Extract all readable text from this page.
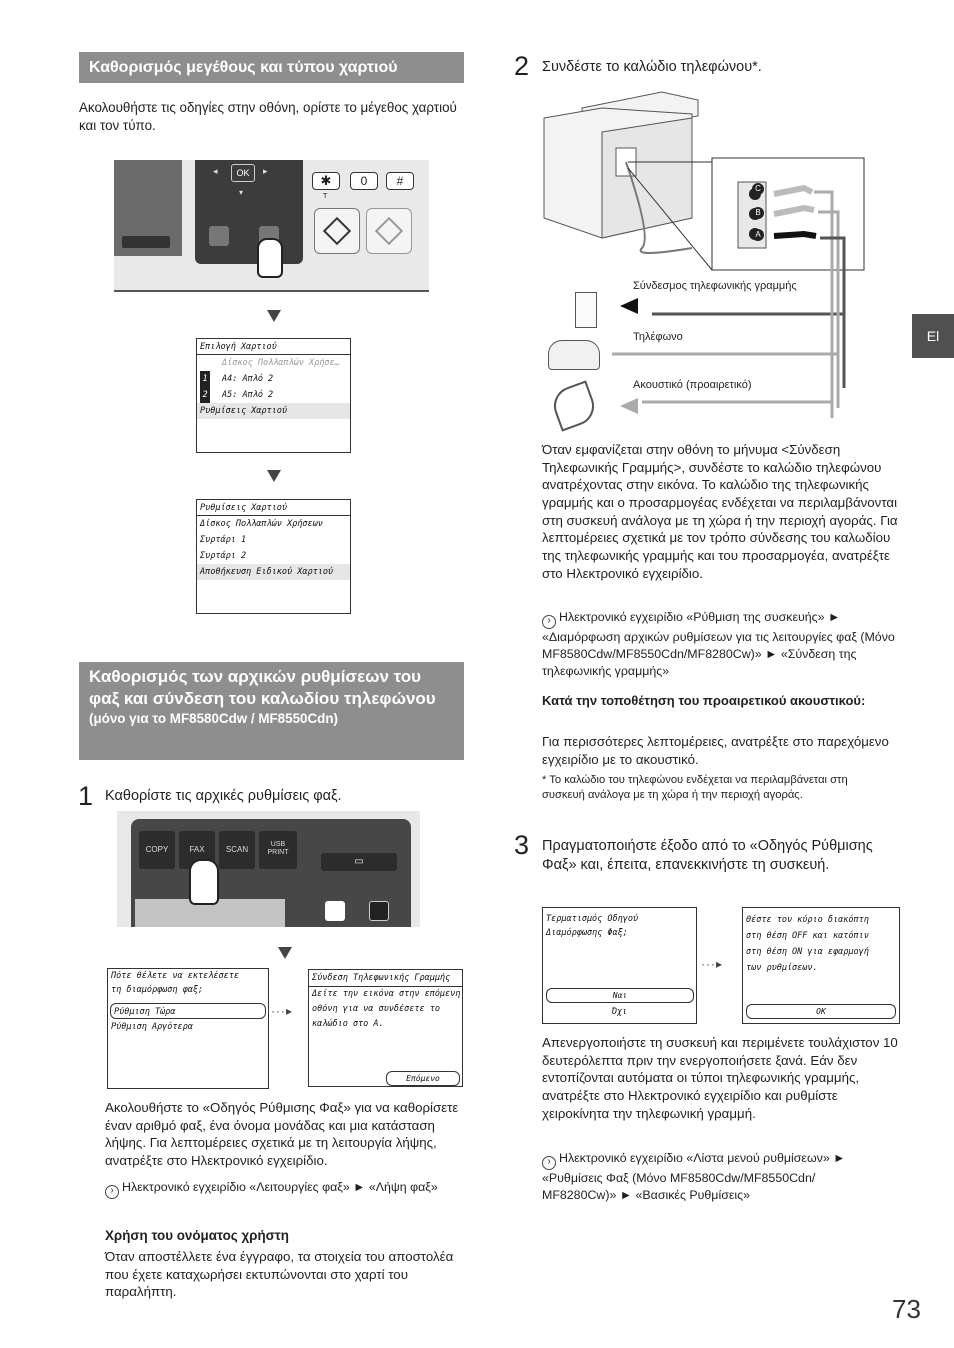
Καθορισμός μεγέθους και τύπου χαρτιού
Ακολουθήστε τις οδηγίες στην οθόνη, ορίστε το μέγεθος χαρτιού και τον τύπο.
OK
◂	▸
▾
✱	0	#
T
Επιλογή Χαρτιού
Δίσκος Πολλαπλών Χρήσε…
1 A4: Απλό 2
2 A5: Απλό 2
Ρυθμίσεις Χαρτιού
Ρυθμίσεις Χαρτιού
Δίσκος Πολλαπλών Χρήσεων
Συρτάρι 1
Συρτάρι 2
Αποθήκευση Ειδικού Χαρτιού
Καθορισμός των αρχικών ρυθμίσεων του φαξ και σύνδεση του καλωδίου τηλεφώνου
(μόνο για το MF8580Cdw / MF8550Cdn)
1 Καθορίστε τις αρχικές ρυθμίσεις φαξ.
COPY	FAX	SCAN
USB
PRINT
▭
Πότε θέλετε να εκτελέσετε
τη διαμόρφωση φαξ;
Ρύθμιση Τώρα
Ρύθμιση Αργότερα
···▸
Σύνδεση Τηλεφωνικής Γραμμής
Δείτε την εικόνα στην επόμενη
οθόνη για να συνδέσετε το
καλώδιο στο A.
Επόμενο
Ακολουθήστε το «Οδηγός Ρύθμισης Φαξ» για να καθορίσετε έναν αριθμό φαξ, ένα όνομα μονάδας και μια κατάσταση λήψης. Για λεπτομέρειες σχετικά με τη λειτουργία λήψης, ανατρέξτε στο Ηλεκτρονικό εγχειρίδιο.
› Ηλεκτρονικό εγχειρίδιο «Λειτουργίες φαξ» ► «Λήψη φαξ»
Χρήση του ονόματος χρήστη
Όταν αποστέλλετε ένα έγγραφο, τα στοιχεία του αποστολέα που έχετε καταχωρήσει εκτυπώνονται στο χαρτί του παραλήπτη.
2 Συνδέστε το καλώδιο τηλεφώνου*.
C
B
A
Σύνδεσμος τηλεφωνικής γραμμής
Τηλέφωνο
Ακουστικό (προαιρετικό)
Όταν εμφανίζεται στην οθόνη το μήνυμα <Σύνδεση Τηλεφωνικής Γραμμής>, συνδέστε το καλώδιο τηλεφώνου ανατρέχοντας στην εικόνα. Το καλώδιο της τηλεφωνικής γραμμής και ο προσαρμογέας ενδέχεται να περιλαμβάνονται στη συσκευή ανάλογα με τη χώρα ή την περιοχή αγοράς. Για λεπτομέρειες σχετικά με τον τρόπο σύνδεσης του καλωδίου της τηλεφωνικής γραμμής και του προσαρμογέα, ανατρέξτε στο Ηλεκτρονικό εγχειρίδιο.
› Ηλεκτρονικό εγχειρίδιο «Ρύθμιση της συσκευής» ► «Διαμόρφωση αρχικών ρυθμίσεων για τις λειτουργίες φαξ (Μόνο MF8580Cdw/MF8550Cdn/MF8280Cw)» ► «Σύνδεση της τηλεφωνικής γραμμής»
Κατά την τοποθέτηση του προαιρετικού ακουστικού:
Για περισσότερες λεπτομέρειες, ανατρέξτε στο παρεχόμενο εγχειρίδιο με το ακουστικό.
* Το καλώδιο του τηλεφώνου ενδέχεται να περιλαμβάνεται στη συσκευή ανάλογα με τη χώρα ή την περιοχή αγοράς.
3 Πραγματοποιήστε έξοδο από το «Οδηγός Ρύθμισης Φαξ» και, έπειτα, επανεκκινήστε τη συσκευή.
Τερματισμός Οδηγού
Διαμόρφωσης Φαξ;
Ναι
Όχι
···▸
Θέστε τον κύριο διακόπτη
στη θέση OFF και κατόπιν
στη θέση ON για εφαρμογή
των ρυθμίσεων.
OK
Απενεργοποιήστε τη συσκευή και περιμένετε τουλάχιστον 10 δευτερόλεπτα πριν την ενεργοποιήσετε ξανά. Εάν δεν εντοπίζονται αυτόματα οι τύποι τηλεφωνικής γραμμής, ανατρέξτε στο Ηλεκτρονικό εγχειρίδιο και ρυθμίστε χειροκίνητα την τηλεφωνική γραμμή.
› Ηλεκτρονικό εγχειρίδιο «Λίστα μενού ρυθμίσεων» ► «Ρυθμίσεις Φαξ (Μόνο MF8580Cdw/MF8550Cdn/ MF8280Cw)» ► «Βασικές Ρυθμίσεις»
El
73
